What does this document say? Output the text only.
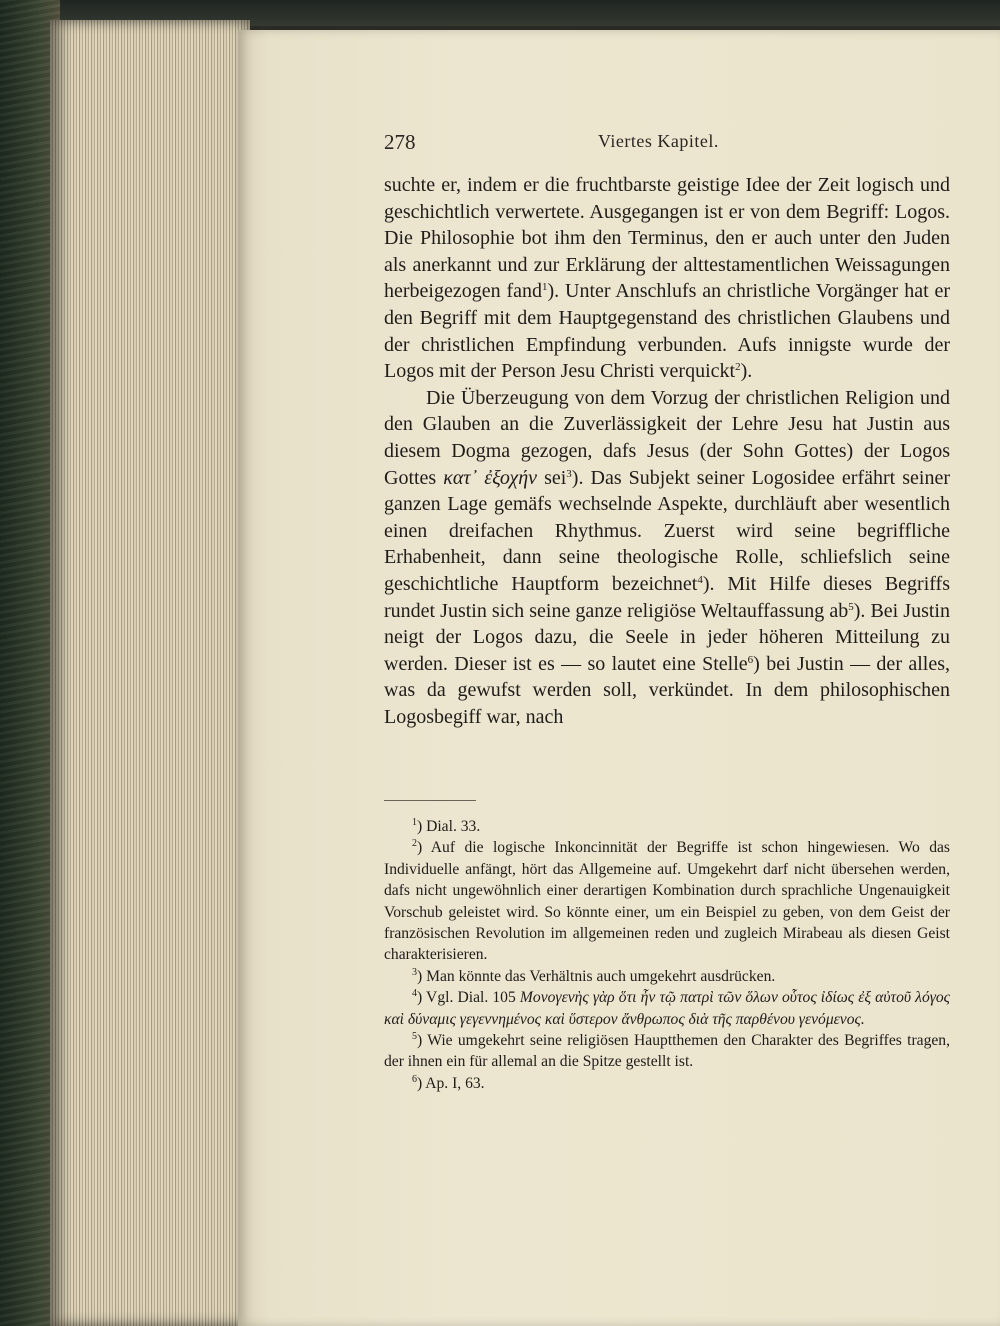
278	Viertes Kapitel.

suchte er, indem er die fruchtbarste geistige Idee der Zeit logisch und geschichtlich verwertete. Ausgegangen ist er von dem Begriff: Logos. Die Philosophie bot ihm den Terminus, den er auch unter den Juden als anerkannt und zur Erklärung der alttestamentlichen Weissagungen herbeigezogen fand$^1$). Unter Anschlufs an christliche Vorgänger hat er den Begriff mit dem Hauptgegenstand des christlichen Glaubens und der christlichen Empfindung verbunden. Aufs innigste wurde der Logos mit der Person Jesu Christi verquickt$^2$).

Die Überzeugung von dem Vorzug der christlichen Religion und den Glauben an die Zuverlässigkeit der Lehre Jesu hat Justin aus diesem Dogma gezogen, dafs Jesus (der Sohn Gottes) der Logos Gottes κατ᾽ ἐξοχήν sei$^3$). Das Subjekt seiner Logosidee erfährt seiner ganzen Lage gemäfs wechselnde Aspekte, durchläuft aber wesentlich einen dreifachen Rhythmus. Zuerst wird seine begriffliche Erhabenheit, dann seine theologische Rolle, schliefslich seine geschichtliche Hauptform bezeichnet$^4$). Mit Hilfe dieses Begriffs rundet Justin sich seine ganze religiöse Weltauffassung $ab^5$). Bei Justin neigt der Logos dazu, die Seele in jeder höheren Mitteilung zu werden. Dieser ist es — so lautet eine Stelle$^6$) bei Justin — der alles, was da gewufst werden soll, verkündet. In dem philosophischen Logosbegiff war, nach

$^1$) Dial. 33.

$^2$) Auf die logische Inkoncinnität der Begriffe ist schon hingewiesen. Wo das Individuelle anfängt, hört das Allgemeine auf. Umgekehrt darf nicht übersehen werden, dafs nicht ungewöhnlich einer derartigen Kombination durch sprachliche Ungenauigkeit Vorschub geleistet wird. So könnte einer, um ein Beispiel zu geben, von dem Geist der französischen Revolution im allgemeinen reden und zugleich Mirabeau als diesen Geist charakterisieren.

$^3$) Man könnte das Verhältnis auch umgekehrt ausdrücken.

$^4$) Vgl. Dial. 105 Μονογενὴς γὰρ ὅτι ἦν τῷ πατρὶ τῶν ὅλων οὗτος ἰδίως ἐξ αὐτοῦ λόγος καὶ δύναμις γεγεννημένος καὶ ὕστερον ἄνθρωπος διὰ τῆς παρθένου γενόμενος.

$^5$) Wie umgekehrt seine religiösen Hauptthemen den Charakter des Begriffes tragen, der ihnen ein für allemal an die Spitze gestellt ist.

$^6$) Ap. I, 63.
